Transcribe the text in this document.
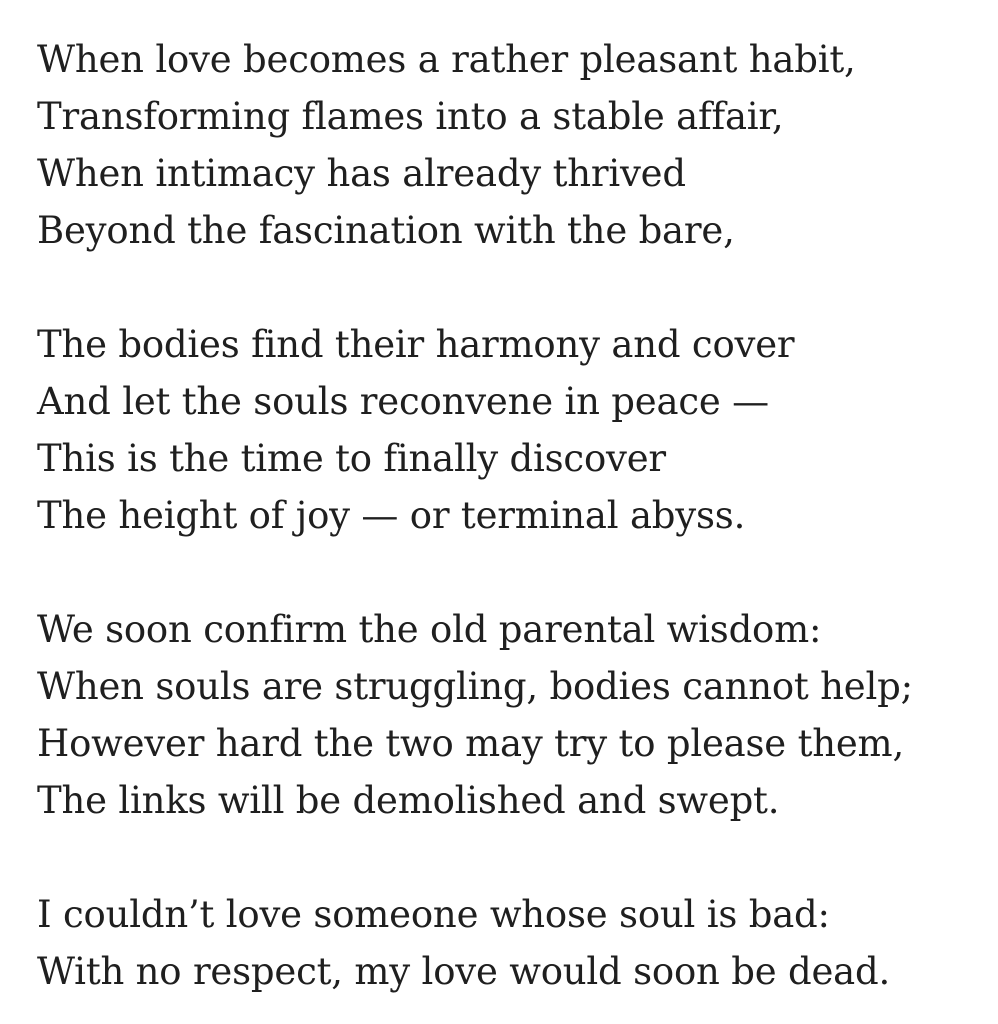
When love becomes a rather pleasant habit,
Transforming flames into a stable affair,
When intimacy has already thrived
Beyond the fascination with the bare,
The bodies find their harmony and cover
And let the souls reconvene in peace —
This is the time to finally discover
The height of joy — or terminal abyss.
We soon confirm the old parental wisdom:
When souls are struggling, bodies cannot help;
However hard the two may try to please them,
The links will be demolished and swept.
I couldn’t love someone whose soul is bad:
With no respect, my love would soon be dead.
